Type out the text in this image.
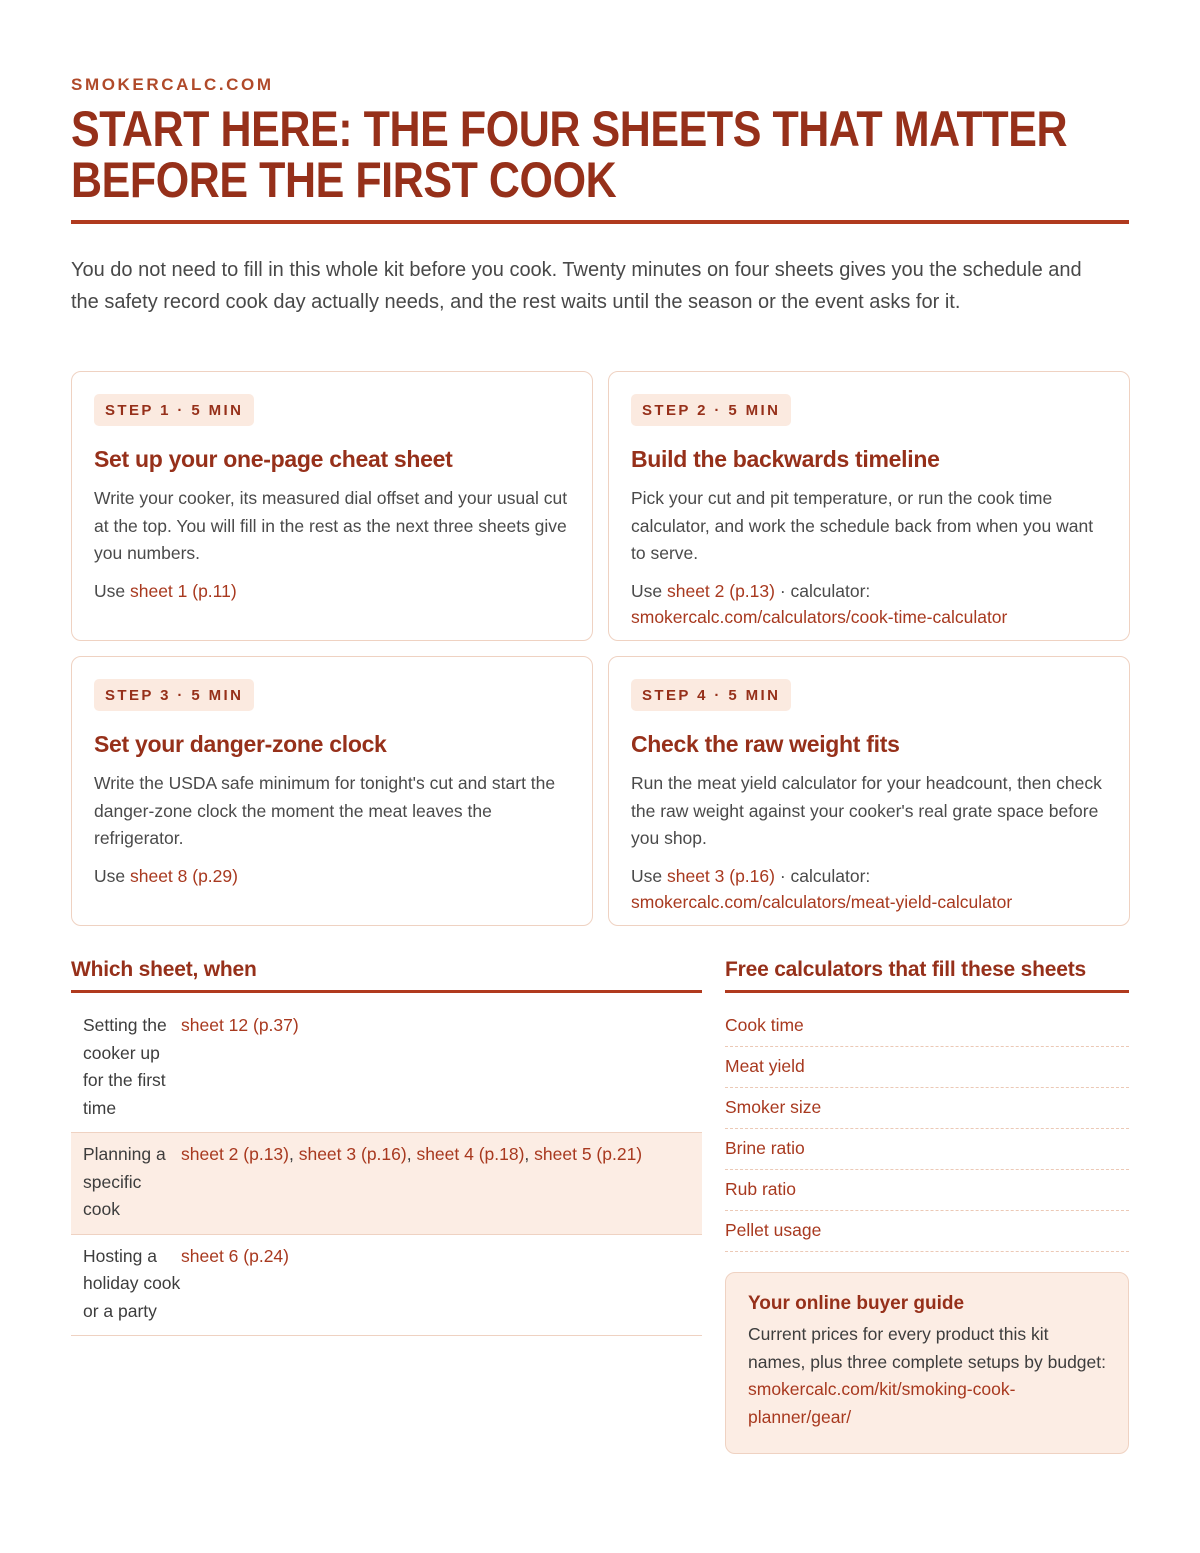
SMOKERCALC.COM
START HERE: THE FOUR SHEETS THAT MATTER
BEFORE THE FIRST COOK

You do not need to fill in this whole kit before you cook. Twenty minutes on four sheets gives you the schedule and the safety record cook day actually needs, and the rest waits until the season or the event asks for it.

STEP 1 · 5 MIN
Set up your one-page cheat sheet
Write your cooker, its measured dial offset and your usual cut at the top. You will fill in the rest as the next three sheets give you numbers.
Use sheet 1 (p.11)
STEP 2 · 5 MIN
Build the backwards timeline
Pick your cut and pit temperature, or run the cook time calculator, and work the schedule back from when you want to serve.
Use sheet 2 (p.13) · calculator:
smokercalc.com/calculators/cook-time-calculator
STEP 3 · 5 MIN
Set your danger-zone clock
Write the USDA safe minimum for tonight's cut and start the danger-zone clock the moment the meat leaves the refrigerator.
Use sheet 8 (p.29)
STEP 4 · 5 MIN
Check the raw weight fits
Run the meat yield calculator for your headcount, then check the raw weight against your cooker's real grate space before you shop.
Use sheet 3 (p.16) · calculator:
smokercalc.com/calculators/meat-yield-calculator
Which sheet, when
Setting the cooker up for the first time
sheet 12 (p.37)
Planning a specific cook
sheet 2 (p.13), sheet 3 (p.16), sheet 4 (p.18), sheet 5 (p.21)
Hosting a holiday cook or a party
sheet 6 (p.24)
Free calculators that fill these sheets
Cook time
Meat yield
Smoker size
Brine ratio
Rub ratio
Pellet usage
Your online buyer guide
Current prices for every product this kit names, plus three complete setups by budget: smokercalc.com/kit/smoking-cook-planner/gear/
